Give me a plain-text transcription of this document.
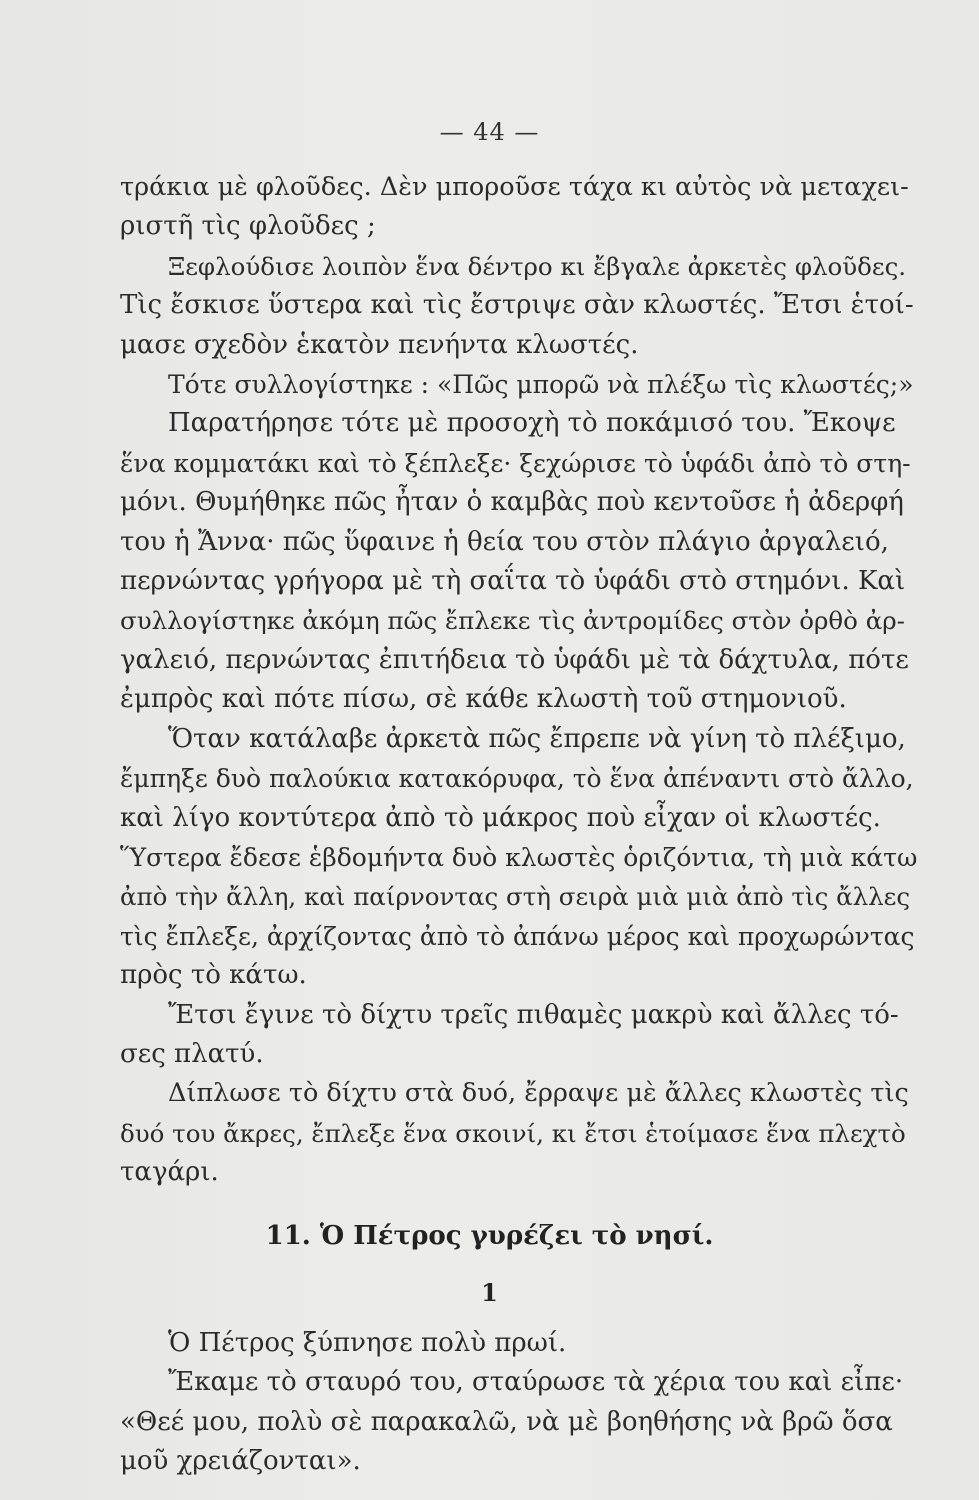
— 44 —
τράκια μὲ φλοῦδες. Δὲν μποροῦσε τάχα κι αὐτὸς νὰ μεταχει-
ριστῆ τὶς φλοῦδες ;
Ξεφλούδισε λοιπὸν ἕνα δέντρο κι ἔβγαλε ἀρκετὲς φλοῦδες.
Τὶς ἔσκισε ὕστερα καὶ τὶς ἔστριψε σὰν κλωστές. Ἔτσι ἑτοί-
μασε σχεδὸν ἑκατὸν πενήντα κλωστές.
Τότε συλλογίστηκε : «Πῶς μπορῶ νὰ πλέξω τὶς κλωστές;»
Παρατήρησε τότε μὲ προσοχὴ τὸ ποκάμισό του. Ἔκοψε
ἕνα κομματάκι καὶ τὸ ξέπλεξε· ξεχώρισε τὸ ὑφάδι ἀπὸ τὸ στη-
μόνι. Θυμήθηκε πῶς ἦταν ὁ καμβὰς ποὺ κεντοῦσε ἡ ἀδερφή
του ἡ Ἄννα· πῶς ὕφαινε ἡ θεία του στὸν πλάγιο ἀργαλειό,
περνώντας γρήγορα μὲ τὴ σαΐτα τὸ ὑφάδι στὸ στημόνι. Καὶ
συλλογίστηκε ἀκόμη πῶς ἔπλεκε τὶς ἀντρομίδες στὸν ὀρθὸ ἀρ-
γαλειό, περνώντας ἐπιτήδεια τὸ ὑφάδι μὲ τὰ δάχτυλα, πότε
ἐμπρὸς καὶ πότε πίσω, σὲ κάθε κλωστὴ τοῦ στημονιοῦ.
Ὅταν κατάλαβε ἀρκετὰ πῶς ἔπρεπε νὰ γίνη τὸ πλέξιμο,
ἔμπηξε δυὸ παλούκια κατακόρυφα, τὸ ἕνα ἀπέναντι στὸ ἄλλο,
καὶ λίγο κοντύτερα ἀπὸ τὸ μάκρος ποὺ εἶχαν οἱ κλωστές.
Ὕστερα ἔδεσε ἑβδομήντα δυὸ κλωστὲς ὁριζόντια, τὴ μιὰ κάτω
ἀπὸ τὴν ἄλλη, καὶ παίρνοντας στὴ σειρὰ μιὰ μιὰ ἀπὸ τὶς ἄλλες
τὶς ἔπλεξε, ἀρχίζοντας ἀπὸ τὸ ἀπάνω μέρος καὶ προχωρώντας
πρὸς τὸ κάτω.
Ἔτσι ἔγινε τὸ δίχτυ τρεῖς πιθαμὲς μακρὺ καὶ ἄλλες τό-
σες πλατύ.
Δίπλωσε τὸ δίχτυ στὰ δυό, ἔρραψε μὲ ἄλλες κλωστὲς τὶς
δυό του ἄκρες, ἔπλεξε ἕνα σκοινί, κι ἔτσι ἑτοίμασε ἕνα πλεχτὸ
ταγάρι.
11. Ὁ Πέτρος γυρέζει τὸ νησί.
1
Ὁ Πέτρος ξύπνησε πολὺ πρωί.
Ἔκαμε τὸ σταυρό του, σταύρωσε τὰ χέρια του καὶ εἶπε·
«Θεέ μου, πολὺ σὲ παρακαλῶ, νὰ μὲ βοηθήσης νὰ βρῶ ὅσα
μοῦ χρειάζονται».
